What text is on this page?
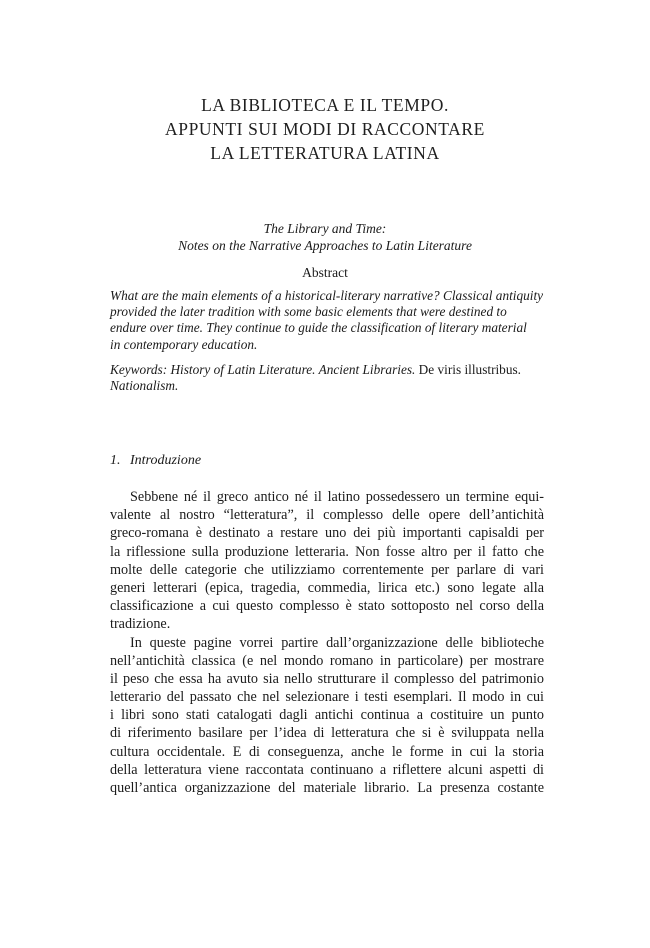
LA BIBLIOTECA E IL TEMPO.
APPUNTI SUI MODI DI RACCONTARE
LA LETTERATURA LATINA
The Library and Time:
Notes on the Narrative Approaches to Latin Literature
Abstract
What are the main elements of a historical-literary narrative? Classical antiquity
provided the later tradition with some basic elements that were destined to
endure over time. They continue to guide the classification of literary material
in contemporary education.
Keywords: History of Latin Literature. Ancient Libraries. De viris illustribus.
Nationalism.
1. Introduzione
Sebbene né il greco antico né il latino possedessero un termine equi-
valente al nostro “letteratura”, il complesso delle opere dell’antichità
greco-romana è destinato a restare uno dei più importanti capisaldi per
la riflessione sulla produzione letteraria. Non fosse altro per il fatto che
molte delle categorie che utilizziamo correntemente per parlare di vari
generi letterari (epica, tragedia, commedia, lirica etc.) sono legate alla
classificazione a cui questo complesso è stato sottoposto nel corso della
tradizione.
In queste pagine vorrei partire dall’organizzazione delle biblioteche
nell’antichità classica (e nel mondo romano in particolare) per mostrare
il peso che essa ha avuto sia nello strutturare il complesso del patrimonio
letterario del passato che nel selezionare i testi esemplari. Il modo in cui
i libri sono stati catalogati dagli antichi continua a costituire un punto
di riferimento basilare per l’idea di letteratura che si è sviluppata nella
cultura occidentale. E di conseguenza, anche le forme in cui la storia
della letteratura viene raccontata continuano a riflettere alcuni aspetti di
quell’antica organizzazione del materiale librario. La presenza costante
